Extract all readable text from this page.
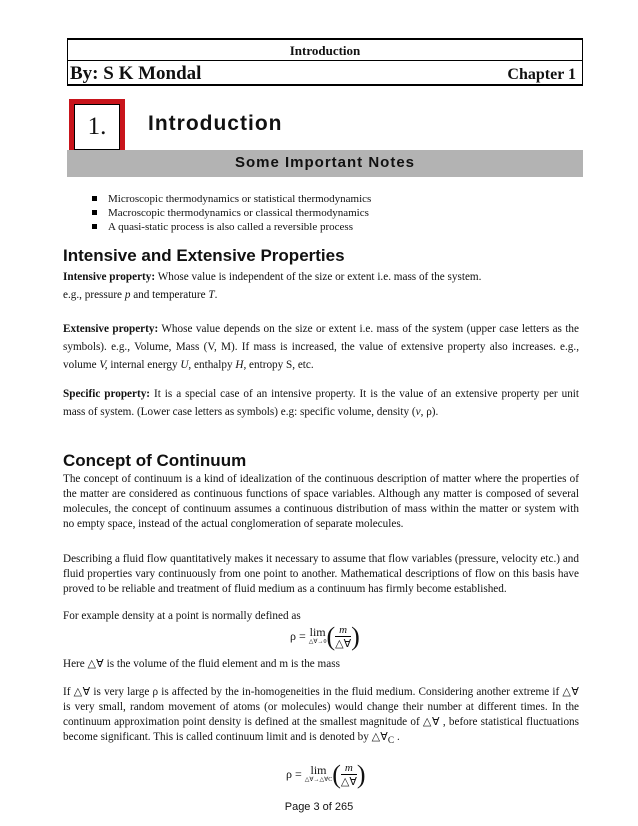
Introduction
By: S K Mondal	Chapter 1
1.	Introduction
Some Important Notes
Microscopic thermodynamics or statistical thermodynamics
Macroscopic thermodynamics or classical thermodynamics
A quasi-static process is also called a reversible process
Intensive and Extensive Properties
Intensive property: Whose value is independent of the size or extent i.e. mass of the system.
e.g., pressure p and temperature T.
Extensive property: Whose value depends on the size or extent i.e. mass of the system (upper case letters as the symbols). e.g., Volume, Mass (V, M). If mass is increased, the value of extensive property also increases. e.g., volume V, internal energy U, enthalpy H, entropy S, etc.
Specific property: It is a special case of an intensive property. It is the value of an extensive property per unit mass of system. (Lower case letters as symbols) e.g: specific volume, density (v, ρ).
Concept of Continuum
The concept of continuum is a kind of idealization of the continuous description of matter where the properties of the matter are considered as continuous functions of space variables. Although any matter is composed of several molecules, the concept of continuum assumes a continuous distribution of mass within the matter or system with no empty space, instead of the actual conglomeration of separate molecules.
Describing a fluid flow quantitatively makes it necessary to assume that flow variables (pressure, velocity etc.) and fluid properties vary continuously from one point to another. Mathematical descriptions of flow on this basis have proved to be reliable and treatment of fluid medium as a continuum has firmly become established.
For example density at a point is normally defined as
ρ = lim
△∀→0 ( $\frac{m}{\triangle\forall}$ )
Here △∀ is the volume of the fluid element and m is the mass
If △∀ is very large ρ is affected by the in-homogeneities in the fluid medium. Considering another extreme if △∀ is very small, random movement of atoms (or molecules) would change their number at different times. In the continuum approximation point density is defined at the smallest magnitude of △∀ , before statistical fluctuations become significant. This is called continuum limit and is denoted by $\triangle\forall_C$ .
ρ = lim
△∀→△∀C ( $\frac{m}{\triangle\forall}$ )
Page 3 of 265
